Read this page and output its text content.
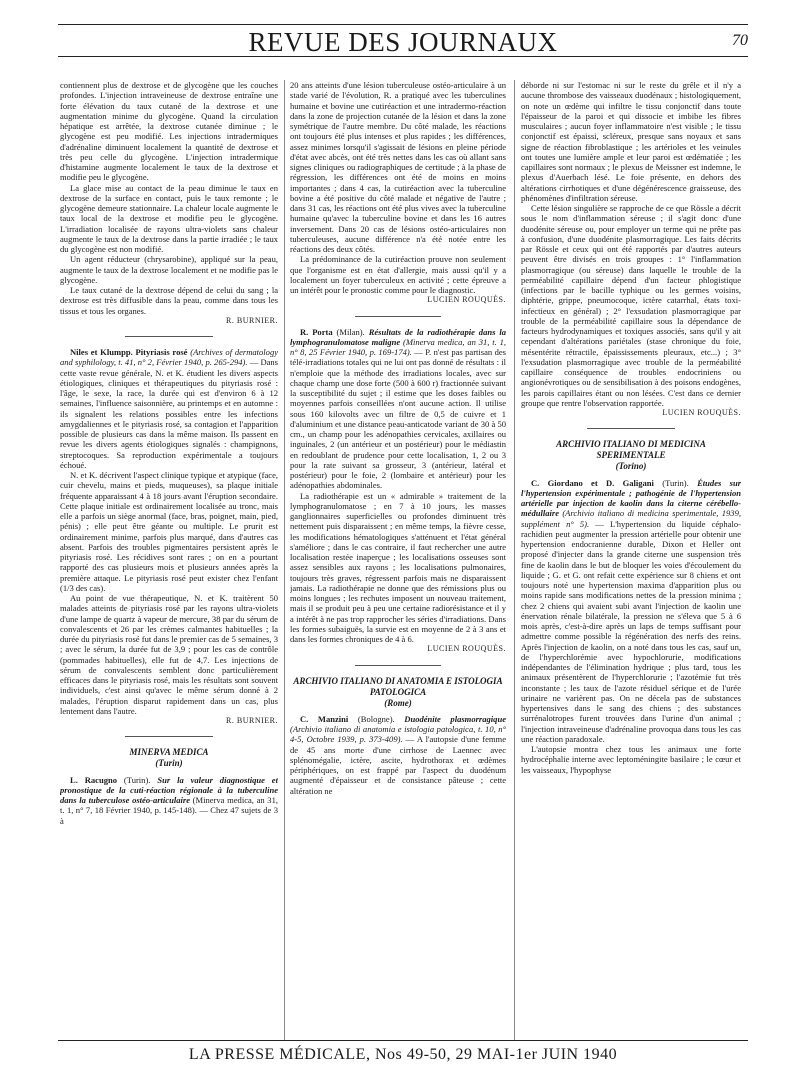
REVUE DES JOURNAUX	70

contiennent plus de dextrose et de glycogène que les couches profondes. L'injection intraveineuse de dextrose entraîne une forte élévation du taux cutané de la dextrose et une augmentation minime du glycogène. Quand la circulation hépatique est arrêtée, la dextrose cutanée diminue ; le glycogène est peu modifié. Les injections intradermiques d'adrénaline diminuent localement la quantité de dextrose et très peu celle du glycogène. L'injection intradermique d'histamine augmente localement le taux de la dextrose et modifie peu le glycogène.

La glace mise au contact de la peau diminue le taux en dextrose de la surface en contact, puis le taux remonte ; le glycogène demeure stationnaire. La chaleur locale augmente le taux local de la dextrose et modifie peu le glycogène. L'irradiation localisée de rayons ultra-violets sans chaleur augmente le taux de la dextrose dans la partie irradiée ; le taux du glycogène est non modifié.

Un agent réducteur (chrysarobine), appliqué sur la peau, augmente le taux de la dextrose localement et ne modifie pas le glycogène.

Le taux cutané de la dextrose dépend de celui du sang ; la dextrose est très diffusible dans la peau, comme dans tous les tissus et tous les organes.

R. BURNIER.

Niles et Klumpp. Pityriasis rosé (Archives of dermatology and syphilology, t. 41, n° 2, Février 1940, p. 265-294). — Dans cette vaste revue générale, N. et K. étudient les divers aspects étiologiques, cliniques et thérapeutiques du pityriasis rosé : l'âge, le sexe, la race, la durée qui est d'environ 6 à 12 semaines, l'influence saisonnière, au printemps et en automne : ils signalent les relations possibles entre les infections amygdaliennes et le pityriasis rosé, sa contagion et l'apparition possible de plusieurs cas dans la même maison. Ils passent en revue les divers agents étiologiques signalés : champignons, streptocoques. Sa reproduction expérimentale a toujours échoué.

N. et K. décrivent l'aspect clinique typique et atypique (face, cuir chevelu, mains et pieds, muqueuses), sa plaque initiale fréquente apparaissant 4 à 18 jours avant l'éruption secondaire. Cette plaque initiale est ordinairement localisée au tronc, mais elle a parfois un siège anormal (face, bras, poignet, main, pied, pénis) ; elle peut être géante ou multiple. Le prurit est ordinairement minime, parfois plus marqué, dans d'autres cas absent. Parfois des troubles pigmentaires persistent après le pityriasis rosé. Les récidives sont rares ; on en a pourtant rapporté des cas plusieurs mois et plusieurs années après la première attaque. Le pityriasis rosé peut exister chez l'enfant (1/3 des cas).

Au point de vue thérapeutique, N. et K. traitèrent 50 malades atteints de pityriasis rosé par les rayons ultra-violets d'une lampe de quartz à vapeur de mercure, 38 par du sérum de convalescents et 26 par les crèmes calmantes habituelles ; la durée du pityriasis rosé fut dans le premier cas de 5 semaines, 3 ; avec le sérum, la durée fut de 3,9 ; pour les cas de contrôle (pommades habituelles), elle fut de 4,7. Les injections de sérum de convalescents semblent donc particulièrement efficaces dans le pityriasis rosé, mais les résultats sont souvent individuels, c'est ainsi qu'avec le même sérum donné à 2 malades, l'éruption disparut rapidement dans un cas, plus lentement dans l'autre.

R. BURNIER.
MINERVA MEDICA
(Turin)

L. Racugno (Turin). Sur la valeur diagnostique et pronostique de la cuti-réaction régionale à la tuberculine dans la tuberculose ostéo-articulaire (Minerva medica, an 31, t. 1, n° 7, 18 Février 1940, p. 145-148). — Chez 47 sujets de 3 à

20 ans atteints d'une lésion tuberculeuse ostéo-articulaire à un stade varié de l'évolution, R. a pratiqué avec les tuberculines humaine et bovine une cutiréaction et une intradermo-réaction dans la zone de projection cutanée de la lésion et dans la zone symétrique de l'autre membre. Du côté malade, les réactions ont toujours été plus intenses et plus rapides ; les différences, assez minimes lorsqu'il s'agissait de lésions en pleine période d'état avec abcès, ont été très nettes dans les cas où allant sans signes cliniques ou radiographiques de certitude ; à la phase de régression, les différences ont été de moins en moins importantes ; dans 4 cas, la cutiréaction avec la tuberculine bovine a été positive du côté malade et négative de l'autre ; dans 31 cas, les réactions ont été plus vives avec la tuberculine humaine qu'avec la tuberculine bovine et dans les 16 autres inversement. Dans 20 cas de lésions ostéo-articulaires non tuberculeuses, aucune différence n'a été notée entre les réactions des deux côtés.

La prédominance de la cutiréaction prouve non seulement que l'organisme est en état d'allergie, mais aussi qu'il y a localement un foyer tuberculeux en activité ; cette épreuve a un intérêt pour le pronostic comme pour le diagnostic.

LUCIEN ROUQUÈS.

R. Porta (Milan). Résultats de la radiothérapie dans la lymphogranulomatose maligne (Minerva medica, an 31, t. 1, n° 8, 25 Février 1940, p. 169-174). — P. n'est pas partisan des télé-irradiations totales qui ne lui ont pas donné de résultats : il n'emploie que la méthode des irradiations locales, avec sur chaque champ une dose forte (500 à 600 r) fractionnée suivant la susceptibilité du sujet ; il estime que les doses faibles ou moyennes parfois conseillées n'ont aucune action. Il utilise sous 160 kilovolts avec un filtre de 0,5 de cuivre et 1 d'aluminium et une distance peau-anticatode variant de 30 à 50 cm., un champ pour les adénopathies cervicales, axillaires ou inguinales, 2 (un antérieur et un postérieur) pour le médiastin en redoublant de prudence pour cette localisation, 1, 2 ou 3 pour la rate suivant sa grosseur, 3 (antérieur, latéral et postérieur) pour le foie, 2 (lombaire et antérieur) pour les adénopathies abdominales.

La radiothérapie est un « admirable » traitement de la lymphogranulomatose ; en 7 à 10 jours, les masses ganglionnaires superficielles ou profondes diminuent très nettement puis disparaissent ; en même temps, la fièvre cesse, les modifications hématologiques s'atténuent et l'état général s'améliore ; dans le cas contraire, il faut rechercher une autre localisation restée inaperçue ; les localisations osseuses sont assez sensibles aux rayons ; les localisations pulmonaires, toujours très graves, régressent parfois mais ne disparaissent jamais. La radiothérapie ne donne que des rémissions plus ou moins longues ; les rechutes imposent un nouveau traitement, mais il se produit peu à peu une certaine radiorésistance et il y a intérêt à ne pas trop rapprocher les séries d'irradiations. Dans les formes subaiguës, la survie est en moyenne de 2 à 3 ans et dans les formes chroniques de 4 à 6.

LUCIEN ROUQUÈS.
ARCHIVIO ITALIANO DI ANATOMIA E ISTOLOGIA PATOLOGICA
(Rome)

C. Manzini (Bologne). Duodénite plasmorragique (Archivio italiano di anatomia e istologia patologica, t. 10, n° 4-5, Octobre 1939, p. 373-409). — A l'autopsie d'une femme de 45 ans morte d'une cirrhose de Laennec avec splénomégalie, ictère, ascite, hydrothorax et œdèmes périphériques, on est frappé par l'aspect du duodénum augmenté d'épaisseur et de consistance pâteuse ; cette altération ne

déborde ni sur l'estomac ni sur le reste du grêle et il n'y a aucune thrombose des vaisseaux duodénaux ; histologiquement, on note un œdème qui infiltre le tissu conjonctif dans toute l'épaisseur de la paroi et qui dissocie et imbibe les fibres musculaires ; aucun foyer inflammatoire n'est visible ; le tissu conjonctif est épaissi, scléreux, presque sans noyaux et sans signe de réaction fibroblastique ; les artérioles et les veinules ont toutes une lumière ample et leur paroi est œdématiée ; les capillaires sont normaux ; le plexus de Meissner est indemne, le plexus d'Auerbach lésé. Le foie présente, en dehors des altérations cirrhotiques et d'une dégénérescence graisseuse, des phénomènes d'infiltration séreuse.

Cette lésion singulière se rapproche de ce que Rössle a décrit sous le nom d'inflammation séreuse ; il s'agit donc d'une duodénite séreuse ou, pour employer un terme qui ne prête pas à confusion, d'une duodénite plasmorragique. Les faits décrits par Rössle et ceux qui ont été rapportés par d'autres auteurs peuvent être divisés en trois groupes : 1° l'inflammation plasmorragique (ou séreuse) dans laquelle le trouble de la perméabilité capillaire dépend d'un facteur phlogistique (infections par le bacille typhique ou les germes voisins, diphtérie, grippe, pneumocoque, ictère catarrhal, états toxi-infectieux en général) ; 2° l'exsudation plasmorragique par trouble de la perméabilité capillaire sous la dépendance de facteurs hydrodynamiques et toxiques associés, sans qu'il y ait cependant d'altérations pariétales (stase chronique du foie, mésentérite rétractile, épaississements pleuraux, etc...) ; 3° l'exsudation plasmorragique avec trouble de la perméabilité capillaire conséquence de troubles endocriniens ou angionévrotiques ou de sensibilisation à des poisons endogènes, les parois capillaires étant ou non lésées. C'est dans ce dernier groupe que rentre l'observation rapportée.

LUCIEN ROUQUÈS.
ARCHIVIO ITALIANO DI MEDICINA SPERIMENTALE
(Torino)

C. Giordano et D. Galigani (Turin). Études sur l'hypertension expérimentale ; pathogénie de l'hypertension artérielle par injection de kaolin dans la citerne cérébello-médullaire (Archivio italiano di medicina sperimentale, 1939, supplément n° 5). — L'hypertension du liquide céphalo-rachidien peut augmenter la pression artérielle pour obtenir une hypertension endocranienne durable, Dixon et Heller ont proposé d'injecter dans la grande citerne une suspension très fine de kaolin dans le but de bloquer les voies d'écoulement du liquide ; G. et G. ont refait cette expérience sur 8 chiens et ont toujours noté une hypertension maxima d'apparition plus ou moins rapide sans modifications nettes de la pression minima ; chez 2 chiens qui avaient subi avant l'injection de kaolin une énervation rénale bilatérale, la pression ne s'éleva que 5 à 6 mois après, c'est-à-dire après un laps de temps suffisant pour admettre comme possible la régénération des nerfs des reins. Après l'injection de kaolin, on a noté dans tous les cas, sauf un, de l'hyperchlorémie avec hypochlorurie, modifications indépendantes de l'élimination hydrique ; plus tard, tous les animaux présentèrent de l'hyperchlorurie ; l'azotémie fut très inconstante ; les taux de l'azote résiduel sérique et de l'urée urinaire ne varièrent pas. On ne décela pas de substances hypertensives dans le sang des chiens ; des substances surrénalotropes furent trouvées dans l'urine d'un animal ; l'injection intraveineuse d'adrénaline provoqua dans tous les cas une réaction paradoxale.

L'autopsie montra chez tous les animaux une forte hydrocéphalie interne avec leptoméningite basilaire ; le cœur et les vaisseaux, l'hypophyse

LA PRESSE MÉDICALE, Nos 49-50, 29 MAI-1er JUIN 1940
